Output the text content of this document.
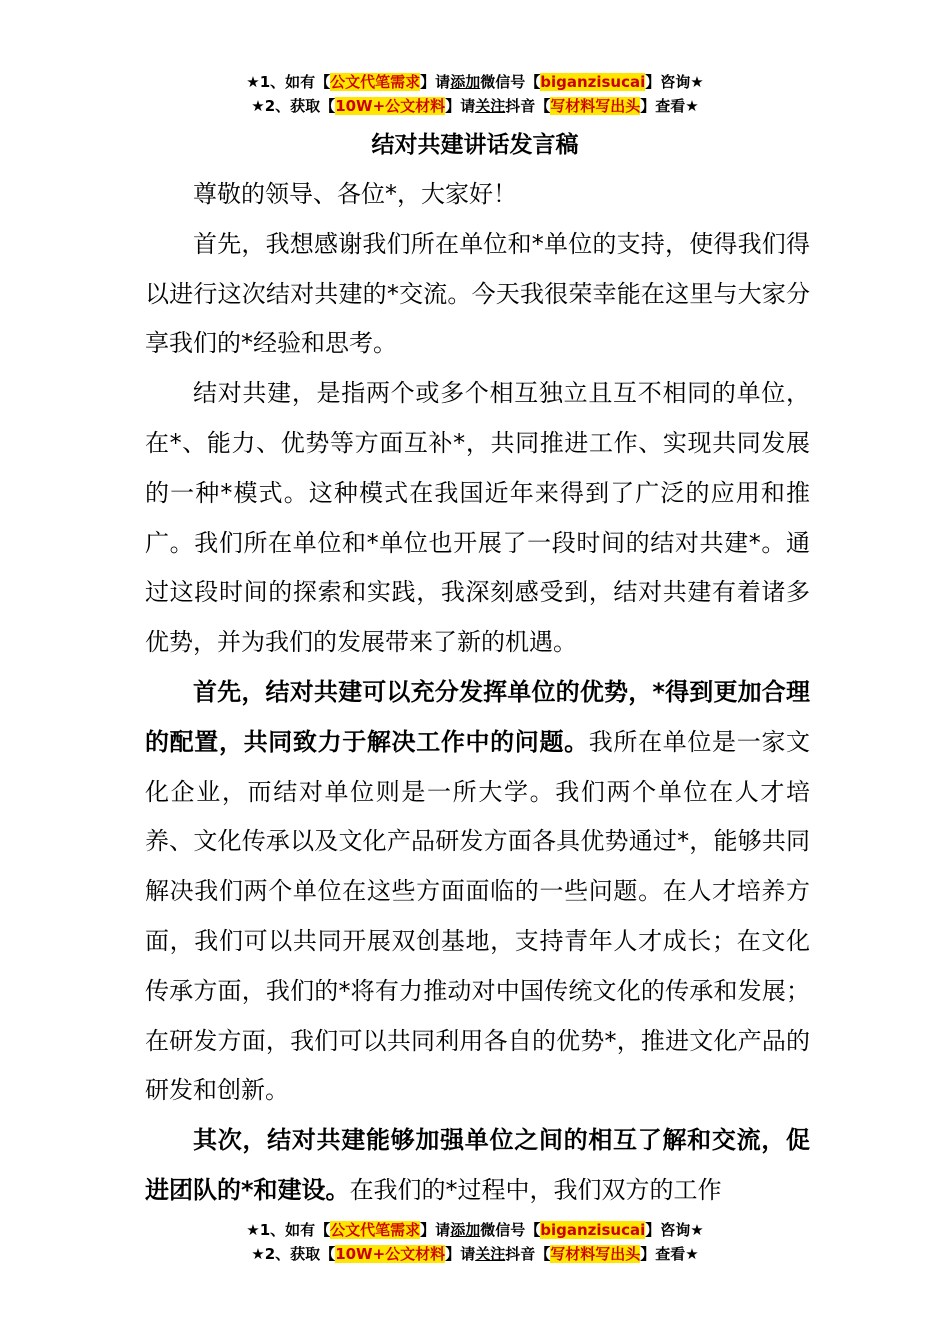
★1、如有【公文代笔需求】请添加微信号【biganzisucai】咨询★
★2、获取【10W+公文材料】请关注抖音【写材料写出头】查看★
结对共建讲话发言稿

尊敬的领导、各位*，大家好！

首先，我想感谢我们所在单位和*单位的支持，使得我们得以进行这次结对共建的*交流。今天我很荣幸能在这里与大家分享我们的*经验和思考。

结对共建，是指两个或多个相互独立且互不相同的单位，在*、能力、优势等方面互补*，共同推进工作、实现共同发展的一种*模式。这种模式在我国近年来得到了广泛的应用和推广。我们所在单位和*单位也开展了一段时间的结对共建*。通过这段时间的探索和实践，我深刻感受到，结对共建有着诸多优势，并为我们的发展带来了新的机遇。

首先，结对共建可以充分发挥单位的优势，*得到更加合理的配置，共同致力于解决工作中的问题。我所在单位是一家文化企业，而结对单位则是一所大学。我们两个单位在人才培养、文化传承以及文化产品研发方面各具优势通过*，能够共同解决我们两个单位在这些方面面临的一些问题。在人才培养方面，我们可以共同开展双创基地，支持青年人才成长；在文化传承方面，我们的*将有力推动对中国传统文化的传承和发展；在研发方面，我们可以共同利用各自的优势*，推进文化产品的研发和创新。

其次，结对共建能够加强单位之间的相互了解和交流，促进团队的*和建设。在我们的*过程中，我们双方的工作

★1、如有【公文代笔需求】请添加微信号【biganzisucai】咨询★
★2、获取【10W+公文材料】请关注抖音【写材料写出头】查看★
